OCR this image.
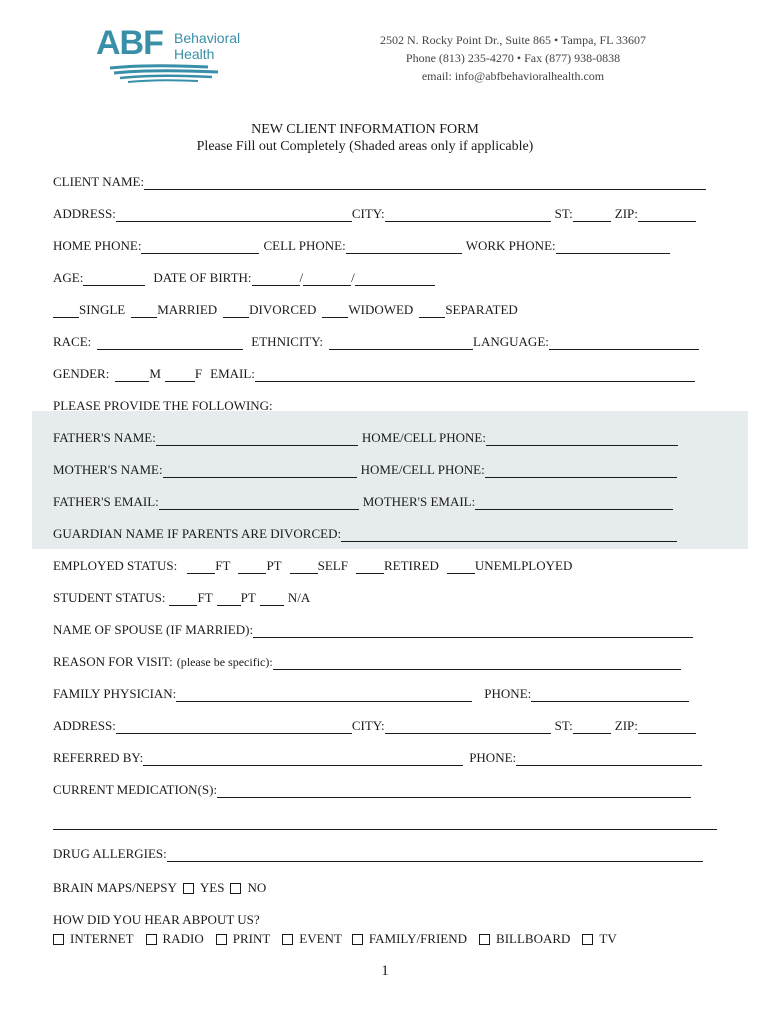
ABF Behavioral
Health
2502 N. Rocky Point Dr., Suite 865 • Tampa, FL 33607
Phone (813) 235-4270 • Fax (877) 938-0838
email: info@abfbehavioralhealth.com
NEW CLIENT INFORMATION FORM
Please Fill out Completely (Shaded areas only if applicable)
CLIENT NAME:
ADDRESS:	CITY:	ST:	ZIP:
HOME PHONE:	CELL PHONE:	WORK PHONE:
AGE:	DATE OF BIRTH:	/	/
SINGLE MARRIED DIVORCED WIDOWED SEPARATED
RACE:	ETHNICITY:	LANGUAGE:
GENDER:	M	F EMAIL:
PLEASE PROVIDE THE FOLLOWING:
FATHER'S NAME:	HOME/CELL PHONE:
MOTHER'S NAME:	HOME/CELL PHONE:
FATHER'S EMAIL:	MOTHER'S EMAIL:
GUARDIAN NAME IF PARENTS ARE DIVORCED:
EMPLOYED STATUS:	FT	PT	SELF	RETIRED	UNEMLPLOYED
STUDENT STATUS: FT PT N/A
NAME OF SPOUSE (IF MARRIED):
REASON FOR VISIT: (please be specific):
FAMILY PHYSICIAN:	PHONE:
ADDRESS:	CITY:	ST:	ZIP:
REFERRED BY:	PHONE:
CURRENT MEDICATION(S):
DRUG ALLERGIES:
BRAIN MAPS/NEPSY YES NO
HOW DID YOU HEAR ABPOUT US?
INTERNET RADIO PRINT EVENT FAMILY/FRIEND BILLBOARD TV
1
